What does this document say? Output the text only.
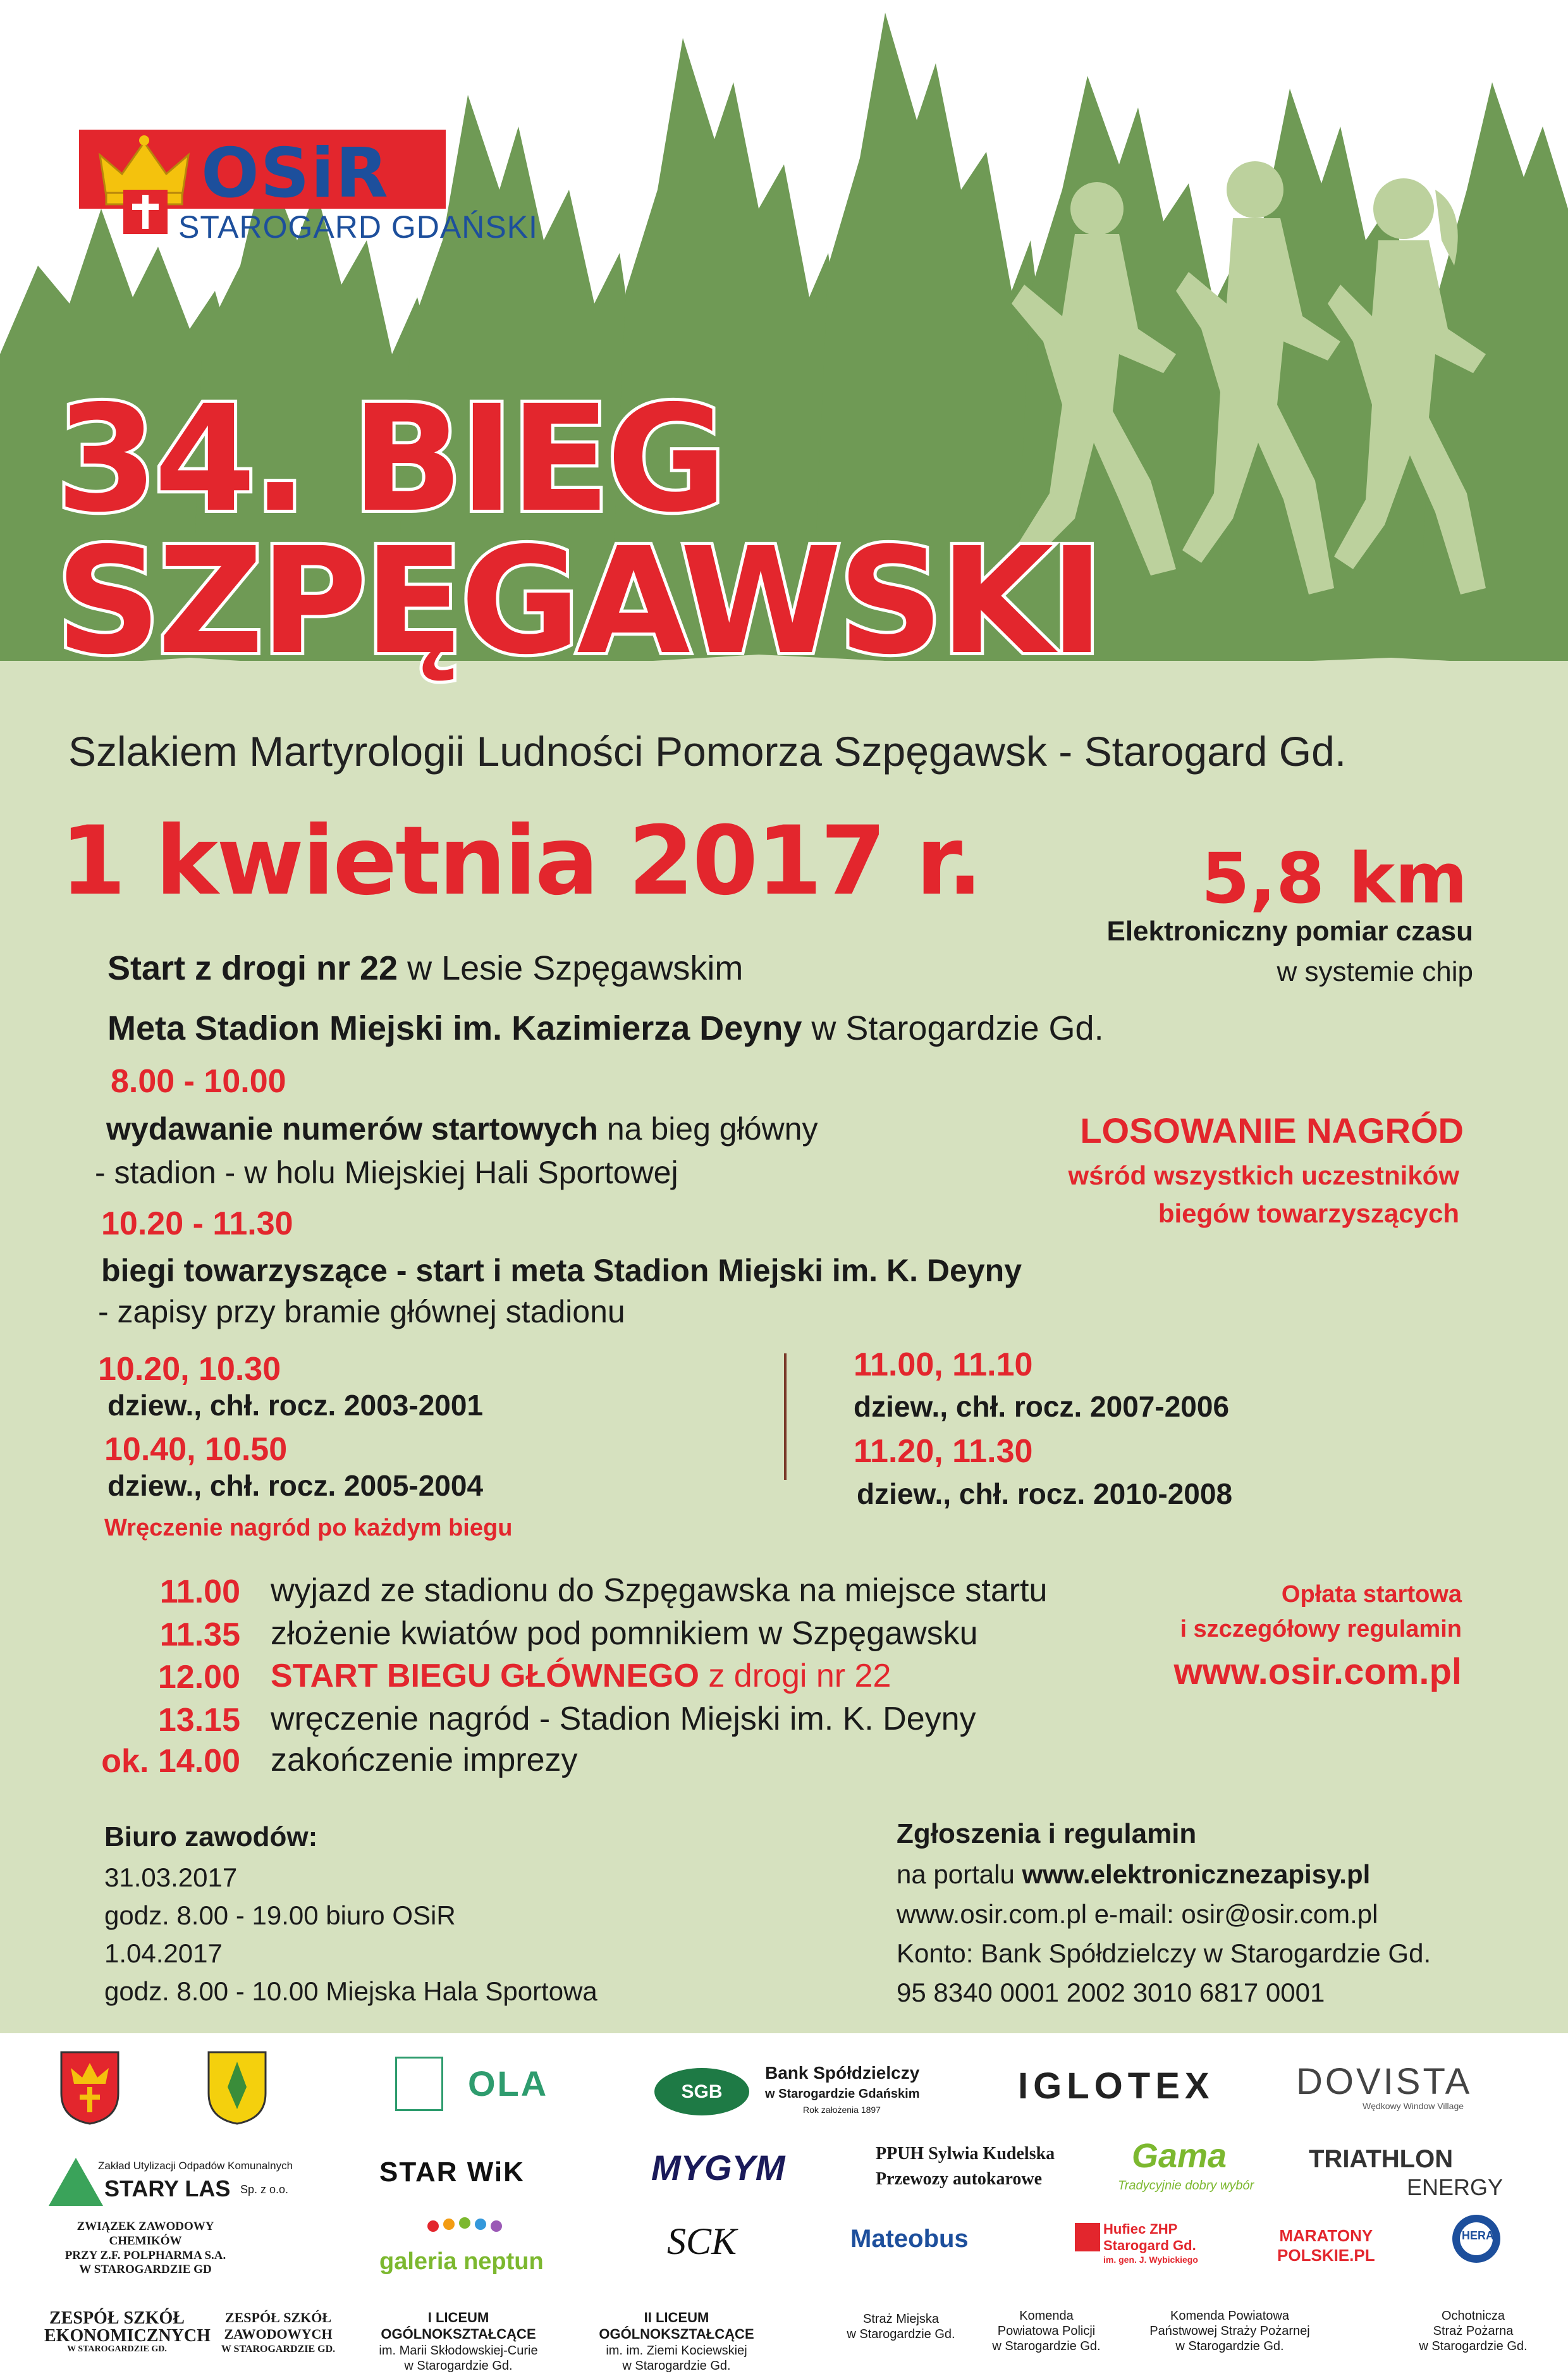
OSiR
STAROGARD GDAŃSKI
34. BIEG
SZPĘGAWSKI
Szlakiem Martyrologii Ludności Pomorza Szpęgawsk - Starogard Gd.
1 kwietnia 2017 r.	5,8 km
Elektroniczny pomiar czasu
w systemie chip
Start z drogi nr 22 w Lesie Szpęgawskim
Meta Stadion Miejski im. Kazimierza Deyny w Starogardzie Gd.
8.00 - 10.00
wydawanie numerów startowych na bieg główny
- stadion - w holu Miejskiej Hali Sportowej
10.20 - 11.30
biegi towarzyszące - start i meta Stadion Miejski im. K. Deyny
- zapisy przy bramie głównej stadionu
LOSOWANIE NAGRÓD
wśród wszystkich uczestników
biegów towarzyszących
10.20, 10.30
dziew., chł. rocz. 2003-2001
10.40, 10.50
dziew., chł. rocz. 2005-2004
11.00, 11.10
dziew., chł. rocz. 2007-2006
11.20, 11.30
dziew., chł. rocz. 2010-2008
Wręczenie nagród po każdym biegu
11.00 wyjazd ze stadionu do Szpęgawska na miejsce startu
11.35 złożenie kwiatów pod pomnikiem w Szpęgawsku
12.00 START BIEGU GŁÓWNEGO z drogi nr 22
13.15 wręczenie nagród - Stadion Miejski im. K. Deyny
ok. 14.00 zakończenie imprezy
Opłata startowa
i szczegółowy regulamin
www.osir.com.pl
Biuro zawodów:
31.03.2017
godz. 8.00 - 19.00 biuro OSiR
1.04.2017
godz. 8.00 - 10.00 Miejska Hala Sportowa
Zgłoszenia i regulamin
na portalu www.elektronicznezapisy.pl
www.osir.com.pl e-mail: osir@osir.com.pl
Konto: Bank Spółdzielczy w Starogardzie Gd.
95 8340 0001 2002 3010 6817 0001
OLA	SGB
Bank Spółdzielczy
w Starogardzie Gdańskim
Rok założenia 1897
IGLOTEX DOVISTA
Wędkowy Window Village
Zakład Utylizacji Odpadów Komunalnych
STARY LAS Sp. z o.o.
STAR WiK	MYGYM	PPUH Sylwia Kudelska
Przewozy autokarowe
Gama
Tradycyjnie dobry wybór
TRIATHLON
ENERGY
ZWIĄZEK ZAWODOWY
CHEMIKÓW
PRZY Z.F. POLPHARMA S.A.
W STAROGARDZIE GD	galeria neptun	SCK	Mateobus	Hufiec ZHP
Starogard Gd.
im. gen. J. Wybickiego
MARATONY
POLSKIE.PL
HERA
ZESPÓŁ SZKÓŁ
EKONOMICZNYCH
W STAROGARDZIE GD.
ZESPÓŁ SZKÓŁ
ZAWODOWYCH
W STAROGARDZIE GD.
I LICEUM
OGÓLNOKSZTAŁCĄCE
im. Marii Skłodowskiej-Curie
w Starogardzie Gd.
II LICEUM
OGÓLNOKSZTAŁCĄCE
im. im. Ziemi Kociewskiej
w Starogardzie Gd.
Straż Miejska
w Starogardzie Gd.
Komenda
Powiatowa Policji
w Starogardzie Gd.
Komenda Powiatowa
Państwowej Straży Pożarnej
w Starogardzie Gd.
Ochotnicza
Straż Pożarna
w Starogardzie Gd.
